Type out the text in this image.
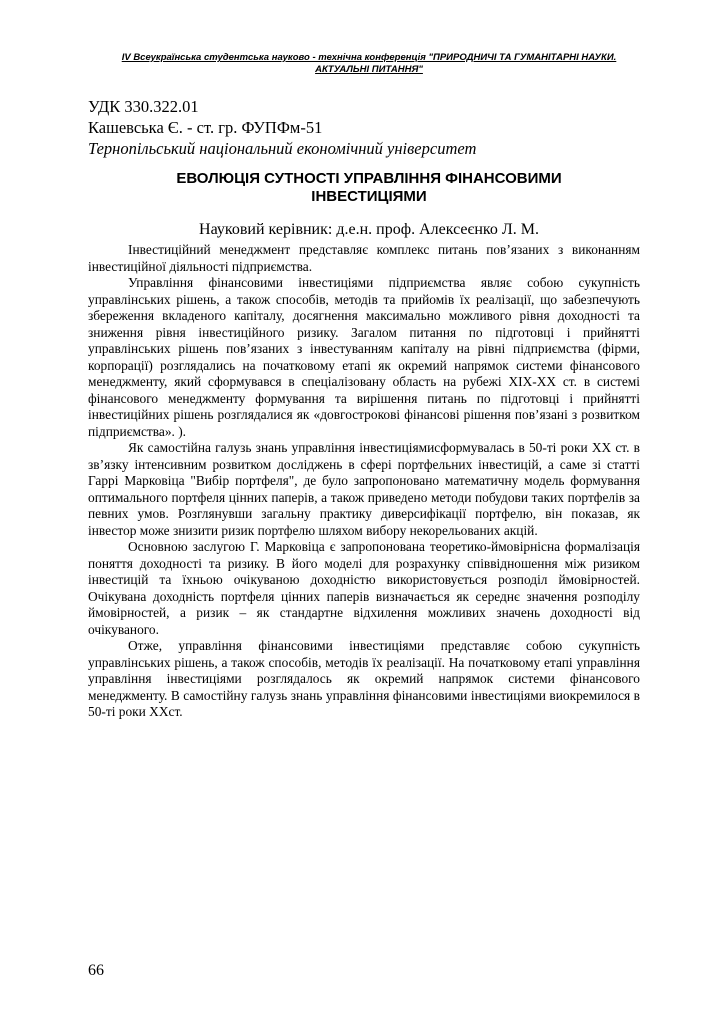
IV Всеукраїнська студентська науково - технічна конференція "ПРИРОДНИЧІ ТА ГУМАНІТАРНІ НАУКИ.
АКТУАЛЬНІ ПИТАННЯ"
УДК 330.322.01
Кашевська Є. - ст. гр. ФУПФм-51
Тернопільський національний економічний університет
ЕВОЛЮЦІЯ СУТНОСТІ УПРАВЛІННЯ ФІНАНСОВИМИ
ІНВЕСТИЦІЯМИ
Науковий керівник: д.е.н. проф. Алексеєнко Л. М.

Інвестиційний менеджмент представляє комплекс питань пов’язаних з виконанням інвестиційної діяльності підприємства.

Управління фінансовими інвестиціями підприємства являє собою сукупність управлінських рішень, а також способів, методів та прийомів їх реалізації, що забезпечують збереження вкладеного капіталу, досягнення максимально можливого рівня доходності та зниження рівня інвестиційного ризику. Загалом питання по підготовці і прийнятті управлінських рішень пов’язаних з інвестуванням капіталу на рівні підприємства (фірми, корпорації) розглядались на початковому етапі як окремий напрямок системи фінансового менеджменту, який сформувався в спеціалізовану область на рубежі XIX-XX ст. в системі фінансового менеджменту формування та вирішення питань по підготовці і прийнятті інвестиційних рішень розглядалися як «довгострокові фінансові рішення пов’язані з розвитком підприємства». ).

Як самостійна галузь знань управління інвестиціямисформувалась в 50-ті роки XX ст. в зв’язку інтенсивним розвитком досліджень в сфері портфельних інвестицій, а саме зі статті Гаррі Марковіца "Вибір портфеля", де було запропоновано математичну модель формування оптимального портфеля цінних паперів, а також приведено методи побудови таких портфелів за певних умов. Розглянувши загальну практику диверсифікації портфелю, він показав, як інвестор може знизити ризик портфелю шляхом вибору некорельованих акцій.

Основною заслугою Г. Марковіца є запропонована теоретико-ймовірнісна формалізація поняття доходності та ризику. В його моделі для розрахунку співвідношення між ризиком інвестицій та їхньою очікуваною доходністю використовується розподіл ймовірностей. Очікувана доходність портфеля цінних паперів визначається як середнє значення розподілу ймовірностей, а ризик – як стандартне відхилення можливих значень доходності від очікуваного.

Отже, управління фінансовими інвестиціями представляє собою сукупність управлінських рішень, а також способів, методів їх реалізації. На початковому етапі управління управління інвестиціями розглядалось як окремий напрямок системи фінансового менеджменту. В самостійну галузь знань управління фінансовими інвестиціями виокремилося в 50-ті роки XXст.

66
